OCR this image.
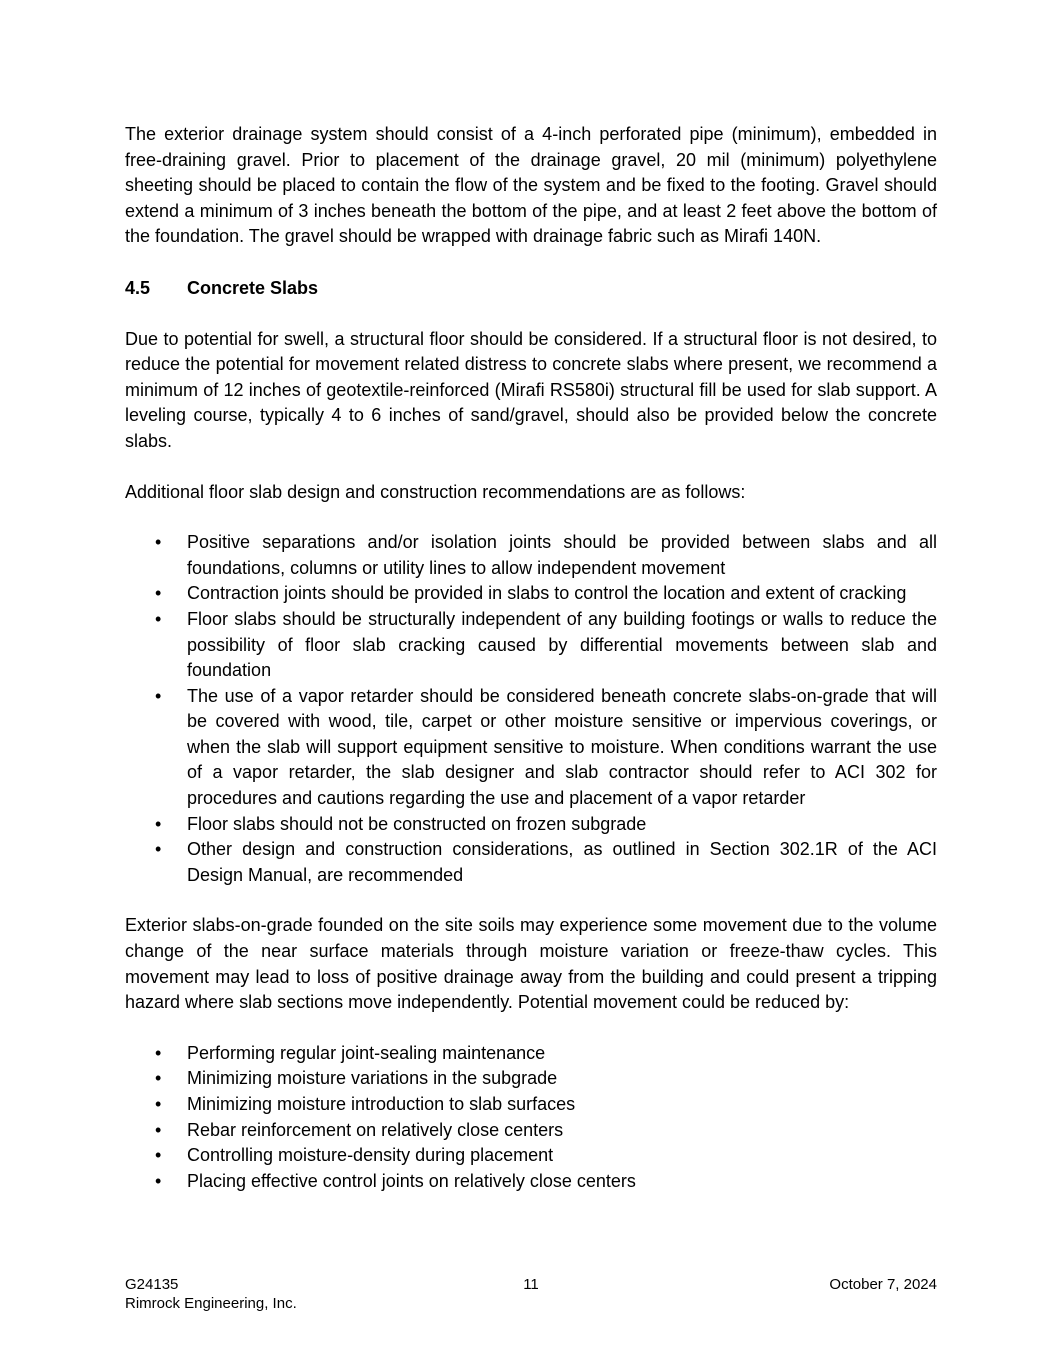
The exterior drainage system should consist of a 4-inch perforated pipe (minimum), embedded in free-draining gravel. Prior to placement of the drainage gravel, 20 mil (minimum) polyethylene sheeting should be placed to contain the flow of the system and be fixed to the footing. Gravel should extend a minimum of 3 inches beneath the bottom of the pipe, and at least 2 feet above the bottom of the foundation. The gravel should be wrapped with drainage fabric such as Mirafi 140N.

4.5	Concrete Slabs

Due to potential for swell, a structural floor should be considered. If a structural floor is not desired, to reduce the potential for movement related distress to concrete slabs where present, we recommend a minimum of 12 inches of geotextile-reinforced (Mirafi RS580i) structural fill be used for slab support. A leveling course, typically 4 to 6 inches of sand/gravel, should also be provided below the concrete slabs.

Additional floor slab design and construction recommendations are as follows:

• Positive separations and/or isolation joints should be provided between slabs and all foundations, columns or utility lines to allow independent movement
• Contraction joints should be provided in slabs to control the location and extent of cracking
• Floor slabs should be structurally independent of any building footings or walls to reduce the possibility of floor slab cracking caused by differential movements between slab and foundation
• The use of a vapor retarder should be considered beneath concrete slabs-on-grade that will be covered with wood, tile, carpet or other moisture sensitive or impervious coverings, or when the slab will support equipment sensitive to moisture. When conditions warrant the use of a vapor retarder, the slab designer and slab contractor should refer to ACI 302 for procedures and cautions regarding the use and placement of a vapor retarder
• Floor slabs should not be constructed on frozen subgrade
• Other design and construction considerations, as outlined in Section 302.1R of the ACI Design Manual, are recommended

Exterior slabs-on-grade founded on the site soils may experience some movement due to the volume change of the near surface materials through moisture variation or freeze-thaw cycles. This movement may lead to loss of positive drainage away from the building and could present a tripping hazard where slab sections move independently. Potential movement could be reduced by:

• Performing regular joint-sealing maintenance
• Minimizing moisture variations in the subgrade
• Minimizing moisture introduction to slab surfaces
• Rebar reinforcement on relatively close centers
• Controlling moisture-density during placement
• Placing effective control joints on relatively close centers
G24135	11	October 7, 2024
Rimrock Engineering, Inc.
